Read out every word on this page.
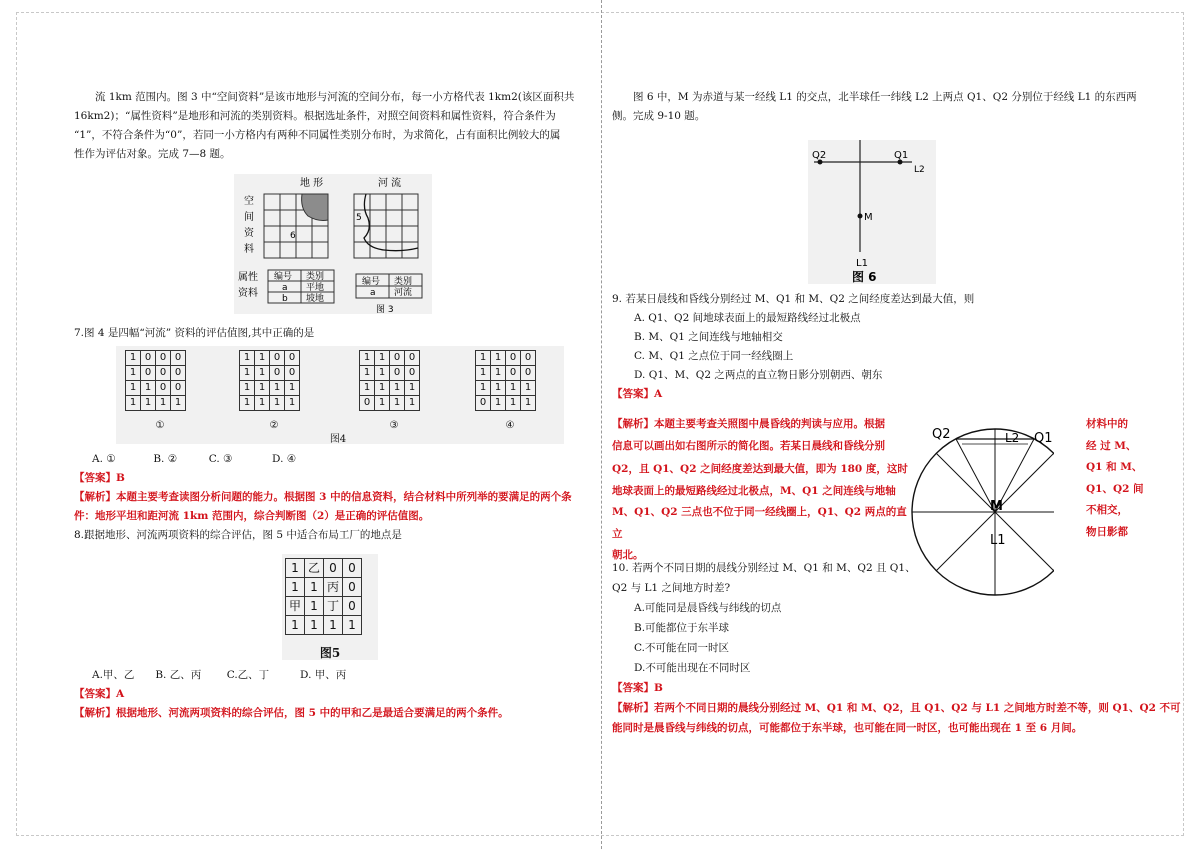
流 1km 范围内。图 3 中“空间资料”是该市地形与河流的空间分布，每一小方格代表 1km2(该区面积共

16km2)；“属性资料”是地形和河流的类别资料。根据选址条件，对照空间资料和属性资料，符合条件为

“1”，不符合条件为“0”，若同一小方格内有两种不同属性类别分布时，为求简化，占有面积比例较大的属

性作为评估对象。完成 7—8 题。

地 形	河 流
空
间
资
料
6
5
属性
资料
编号 类别
a 平地
b 坡地
编号 类别
a 河流
图 3

7.图 4 是四幅“河流” 资料的评估值图,其中正确的是

1	0	0	0
1	0	0	0
1	1	0	0
1	1	1	1
1	1	0	0
1	1	0	0
1	1	1	1
1	1	1	1
1	1	0	0
1	1	0	0
1	1	1	1
0	1	1	1
1	1	0	0
1	1	0	0
1	1	1	1
0	1	1	1
①	②	③	④
图4

A. ①	B. ②	C. ③	D. ④

【答案】B

【解析】本题主要考查读图分析问题的能力。根据图 3 中的信息资料，结合材料中所列举的要满足的两个条

件：地形平坦和距河流 1km 范围内，综合判断图（2）是正确的评估值图。

8.跟据地形、河流两项资料的综合评估，图 5 中适合布局工厂的地点是

1	乙	0	0
1	1	丙	0
甲	1	丁	0
1	1	1	1
图5

A.甲、乙 B. 乙、丙 C.乙、丁	D. 甲、丙

【答案】A

【解析】根据地形、河流两项资料的综合评估，图 5 中的甲和乙是最适合要满足的两个条件。

图 6 中，M 为赤道与某一经线 L1 的交点，北半球任一纬线 L2 上两点 Q1、Q2 分别位于经线 L1 的东西两

侧。完成 9-10 题。

Q2	Q1
L2
M
L1
图 6

9. 若某日晨线和昏线分别经过 M、Q1 和 M、Q2 之间经度差达到最大值，则

A. Q1、Q2 间地球表面上的最短路线经过北极点

B. M、Q1 之间连线与地轴相交

C. M、Q1 之点位于同一经线圈上

D. Q1、M、Q2 之两点的直立物日影分别朝西、朝东

【答案】A

【解析】本题主要考查关照图中晨昏线的判读与应用。根据

信息可以画出如右图所示的简化图。若某日晨线和昏线分别

Q2，且 Q1、Q2 之间经度差达到最大值，即为 180 度，这时

地球表面上的最短路线经过北极点，M、Q1 之间连线与地轴

M、Q1、Q2 三点也不位于同一经线圈上，Q1、Q2 两点的直立

朝北。

Q2	L2 Q1
M
L1

材料中的

经 过 M、

Q1 和 M、

Q1、Q2 间

不相交，

物日影都

10. 若两个不同日期的晨线分别经过 M、Q1 和 M、Q2 且 Q1、

Q2 与 L1 之间地方时差?

A.可能同是晨昏线与纬线的切点

B.可能都位于东半球

C.不可能在同一时区

D.不可能出现在不同时区

【答案】B

【解析】若两个不同日期的晨线分别经过 M、Q1 和 M、Q2，且 Q1、Q2 与 L1 之间地方时差不等，则 Q1、Q2 不可

能同时是晨昏线与纬线的切点，可能都位于东半球，也可能在同一时区，也可能出现在 1 至 6 月间。
